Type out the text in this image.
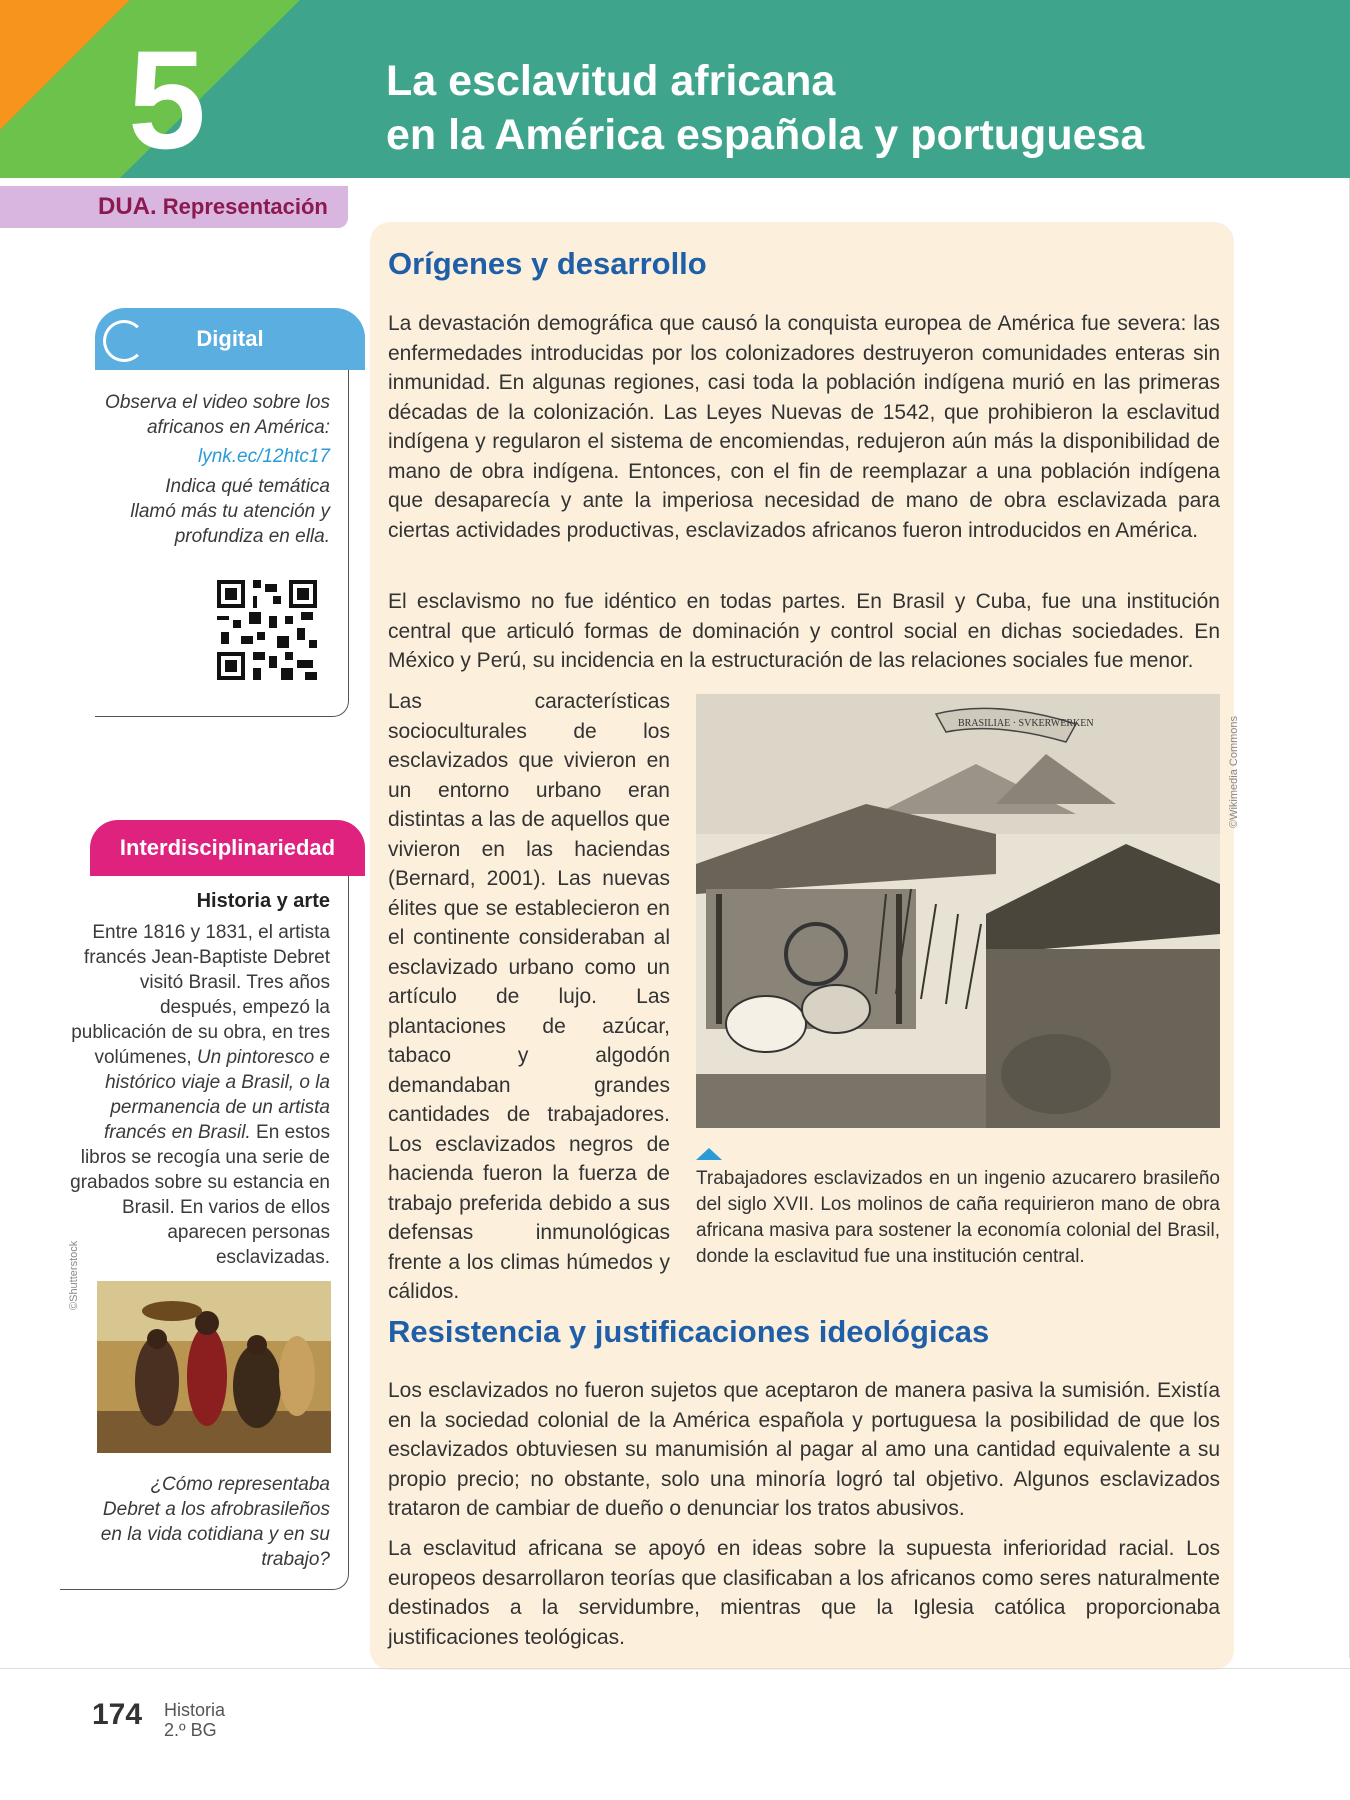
5	La esclavitud africana
en la América española y portuguesa
DUA. Representación
Observa el video sobre los africanos en América:
lynk.ec/12htc17
Indica qué temática llamó más tu atención y profundiza en ella.
Digital
Historia y arte
Entre 1816 y 1831, el artista francés Jean-Baptiste Debret visitó Brasil. Tres años después, empezó la publicación de su obra, en tres volúmenes, Un pintoresco e histórico viaje a Brasil, o la permanencia de un artista francés en Brasil. En estos libros se recogía una serie de grabados sobre su estancia en Brasil. En varios de ellos aparecen personas esclavizadas.
¿Cómo representaba Debret a los afrobrasileños en la vida cotidiana y en su trabajo?
©Shutterstock
Interdisciplinariedad
Orígenes y desarrollo

La devastación demográfica que causó la conquista europea de América fue severa: las enfermedades introducidas por los colonizadores destruyeron comunidades enteras sin inmunidad. En algunas regiones, casi toda la población indígena murió en las primeras décadas de la colonización. Las Leyes Nuevas de 1542, que prohibieron la esclavitud indígena y regularon el sistema de encomiendas, redujeron aún más la disponibilidad de mano de obra indígena. Entonces, con el fin de reemplazar a una población indígena que desaparecía y ante la imperiosa necesidad de mano de obra esclavizada para ciertas actividades productivas, esclavizados africanos fueron introducidos en América.

El esclavismo no fue idéntico en todas partes. En Brasil y Cuba, fue una institución central que articuló formas de dominación y control social en dichas sociedades. En México y Perú, su incidencia en la estructuración de las relaciones sociales fue menor.

Las características socioculturales de los esclavizados que vivieron en un entorno urbano eran distintas a las de aquellos que vivieron en las haciendas (Bernard, 2001). Las nuevas élites que se establecieron en el continente consideraban al esclavizado urbano como un artículo de lujo. Las plantaciones de azúcar, tabaco y algodón demandaban grandes cantidades de trabajadores. Los esclavizados negros de hacienda fueron la fuerza de trabajo preferida debido a sus defensas inmunológicas frente a los climas húmedos y cálidos.

BRASILIAE · SVKERWERKEN	©Wikimedia Commons

Trabajadores esclavizados en un ingenio azucarero brasileño del siglo XVII. Los molinos de caña requirieron mano de obra africana masiva para sostener la economía colonial del Brasil, donde la esclavitud fue una institución central.

Resistencia y justificaciones ideológicas

Los esclavizados no fueron sujetos que aceptaron de manera pasiva la sumisión. Existía en la sociedad colonial de la América española y portuguesa la posibilidad de que los esclavizados obtuviesen su manumisión al pagar al amo una cantidad equivalente a su propio precio; no obstante, solo una minoría logró tal objetivo. Algunos esclavizados trataron de cambiar de dueño o denunciar los tratos abusivos.

La esclavitud africana se apoyó en ideas sobre la supuesta inferioridad racial. Los europeos desarrollaron teorías que clasificaban a los africanos como seres naturalmente destinados a la servidumbre, mientras que la Iglesia católica proporcionaba justificaciones teológicas.

174 Historia
2.º BG
